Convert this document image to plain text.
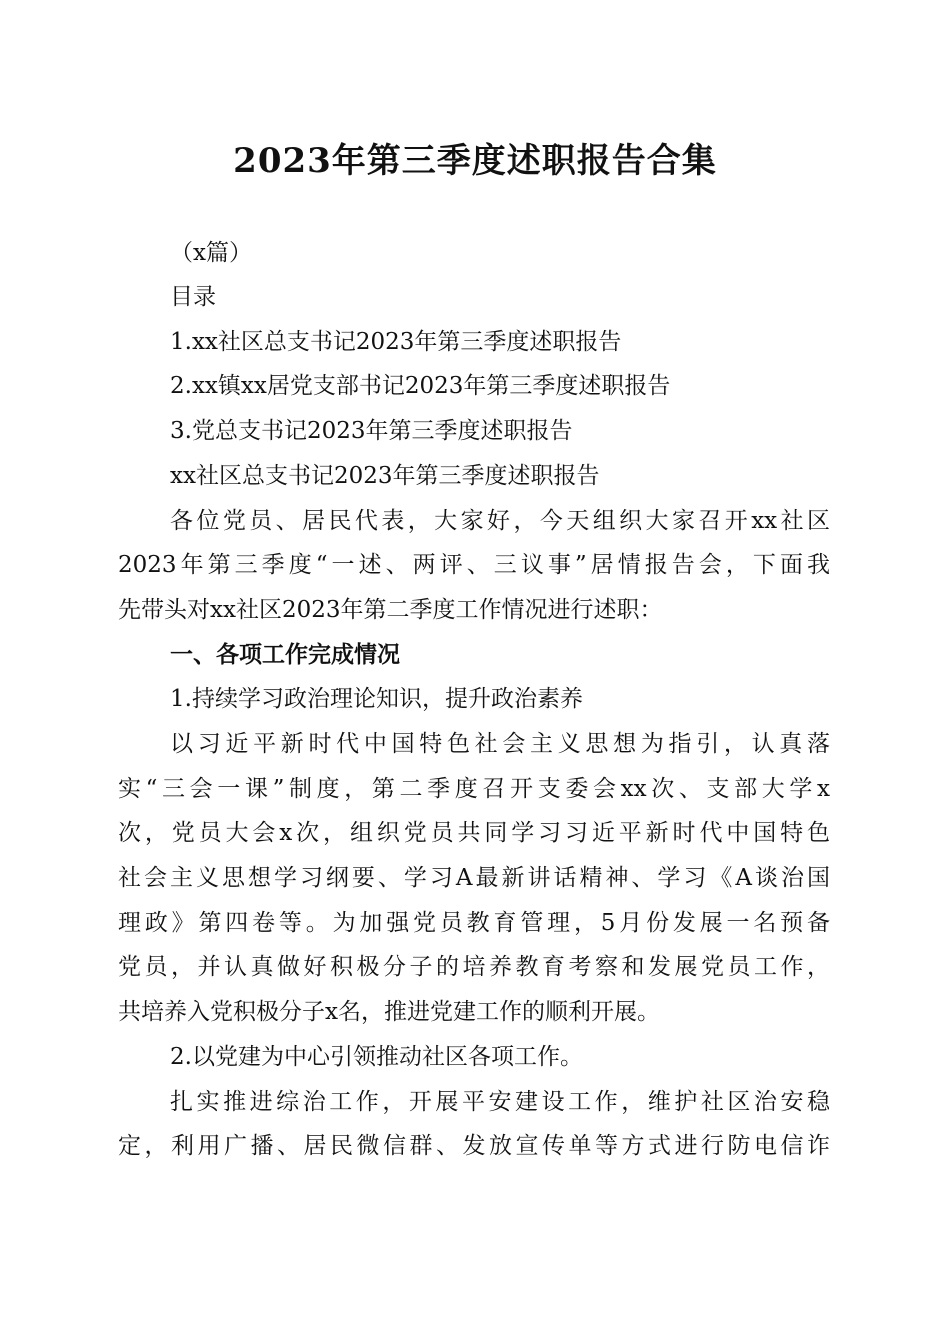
2023年第三季度述职报告合集

（x篇）

目录

1.xx社区总支书记2023年第三季度述职报告

2.xx镇xx居党支部书记2023年第三季度述职报告

3.党总支书记2023年第三季度述职报告

xx社区总支书记2023年第三季度述职报告

各位党员、居民代表，大家好，今天组织大家召开xx社区

2023年第三季度“一述、两评、三议事”居情报告会，下面我

先带头对xx社区2023年第二季度工作情况进行述职：

一、各项工作完成情况

1.持续学习政治理论知识，提升政治素养

以习近平新时代中国特色社会主义思想为指引，认真落

实“三会一课”制度，第二季度召开支委会xx次、支部大学x

次，党员大会x次，组织党员共同学习习近平新时代中国特色

社会主义思想学习纲要、学习A最新讲话精神、学习《A谈治国

理政》第四卷等。为加强党员教育管理，5月份发展一名预备

党员，并认真做好积极分子的培养教育考察和发展党员工作，

共培养入党积极分子x名，推进党建工作的顺利开展。

2.以党建为中心引领推动社区各项工作。

扎实推进综治工作，开展平安建设工作，维护社区治安稳

定，利用广播、居民微信群、发放宣传单等方式进行防电信诈
